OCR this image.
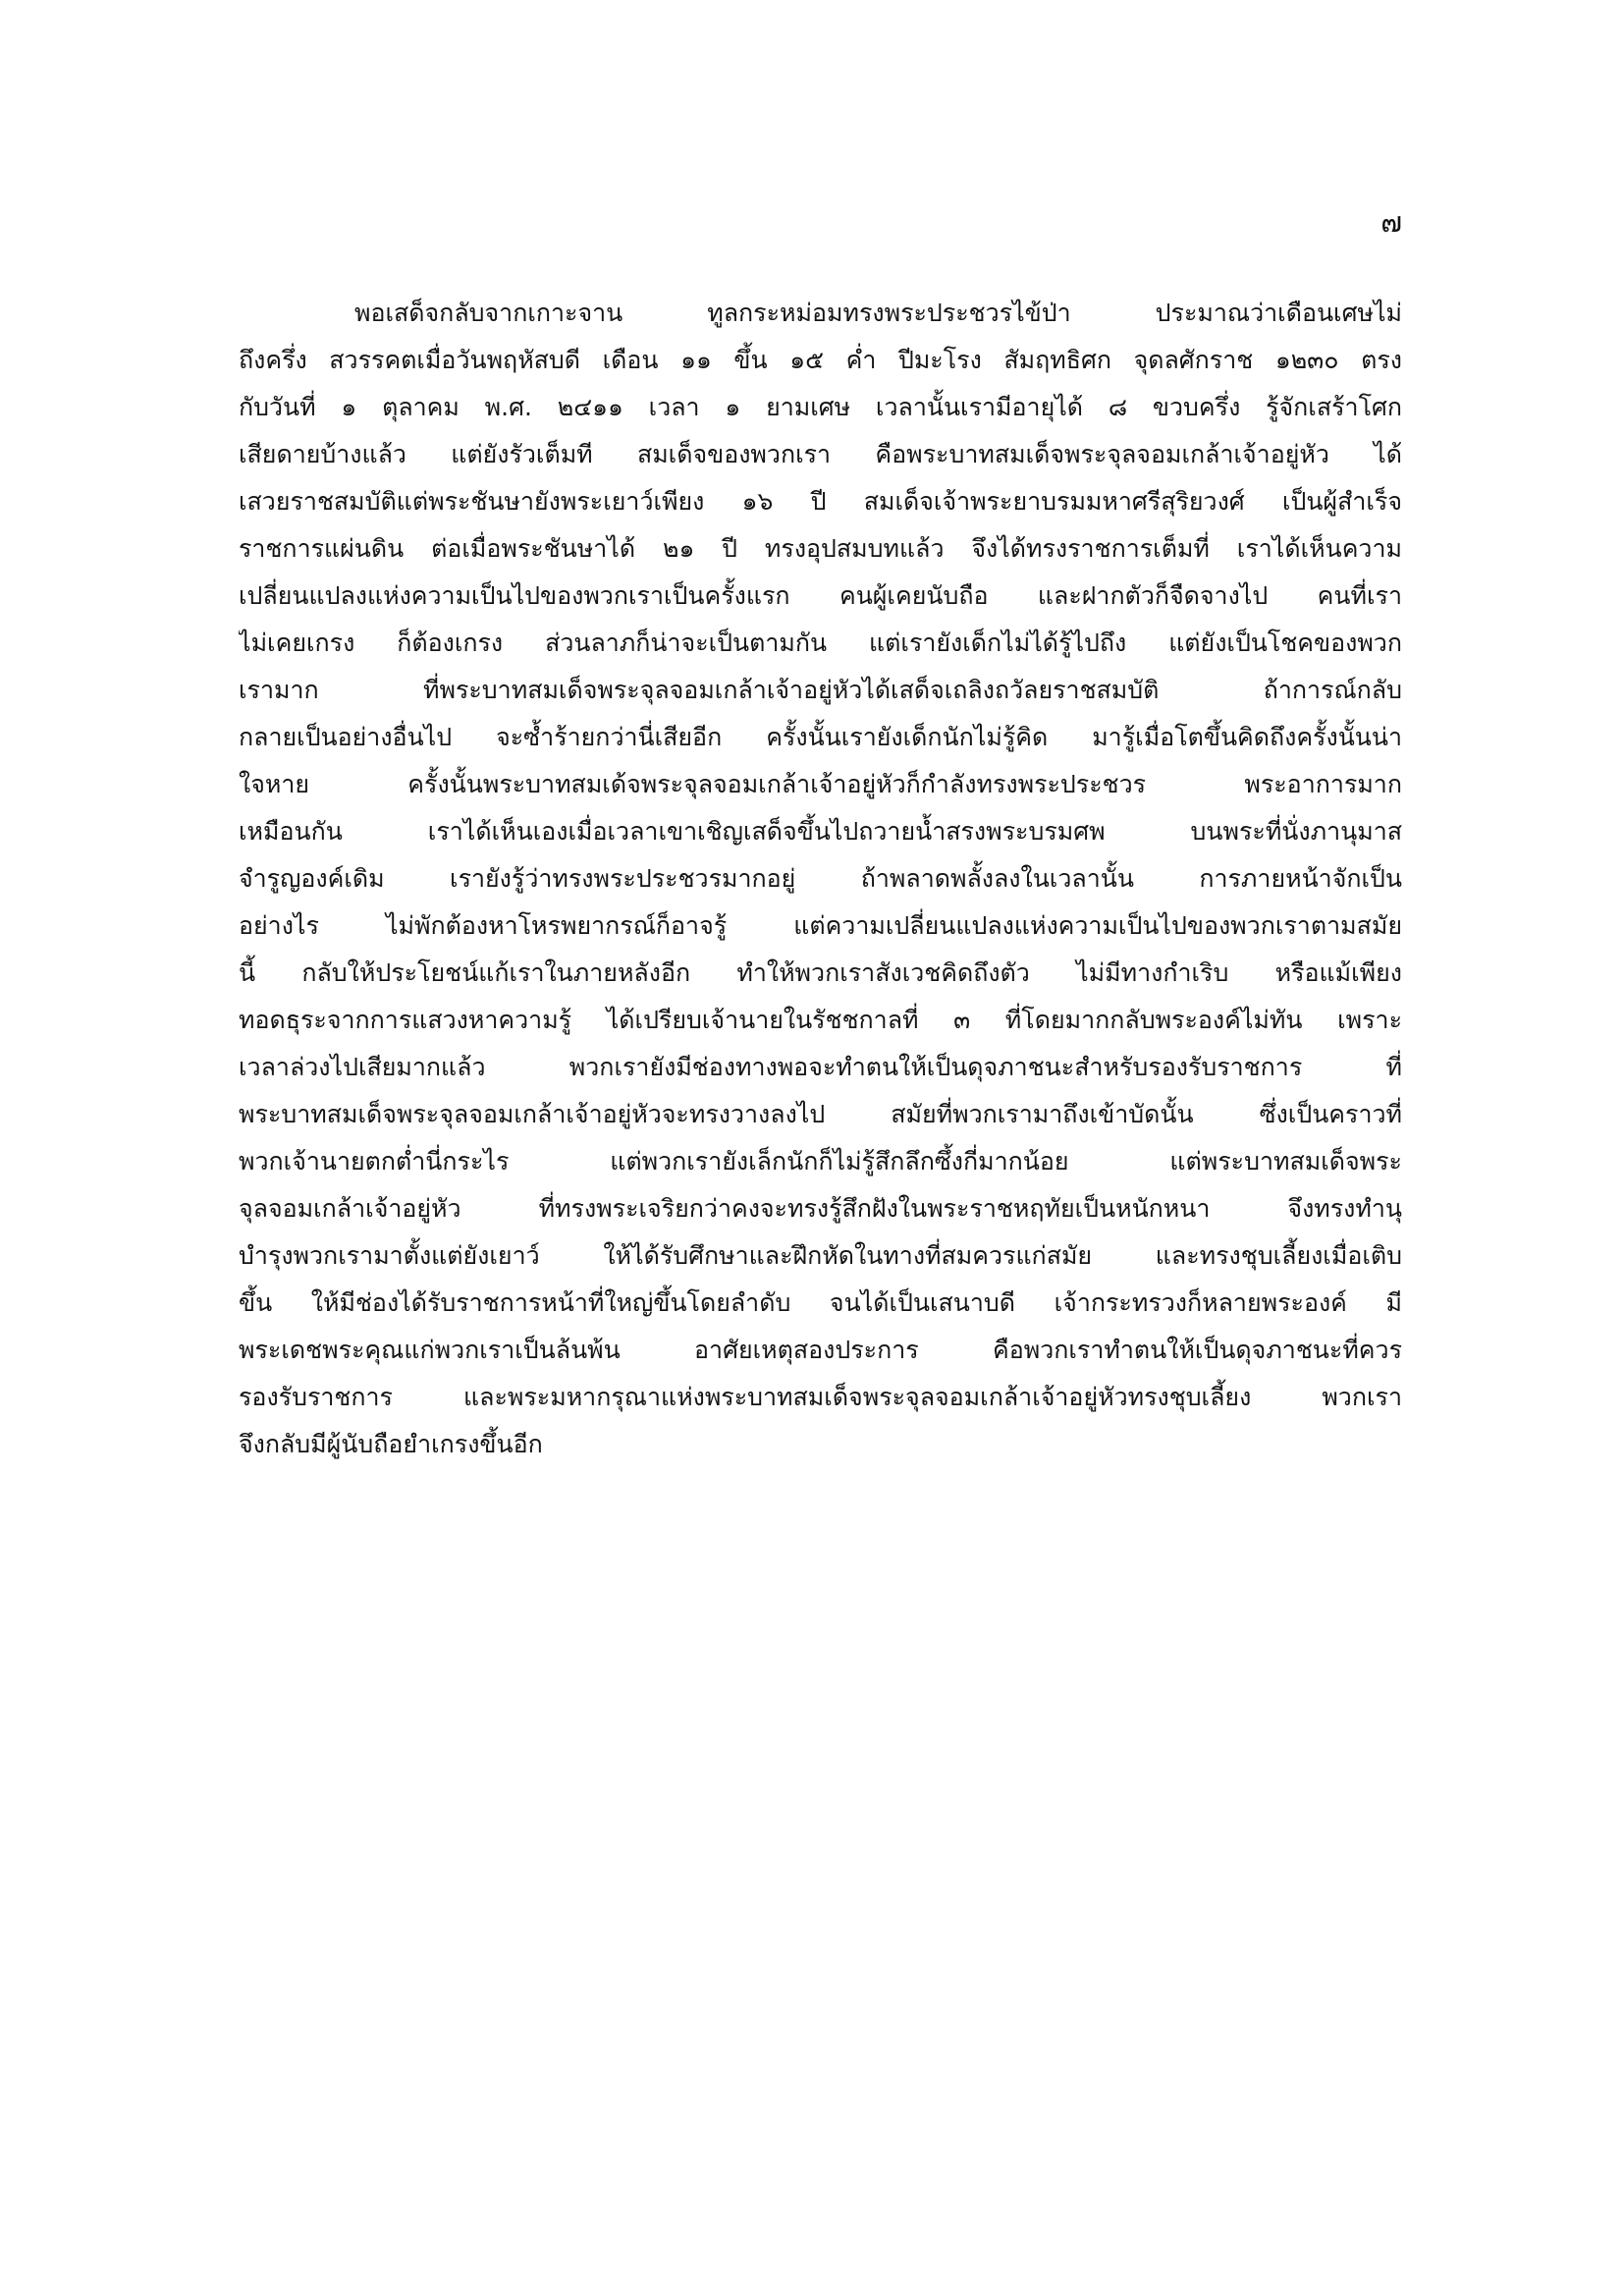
๗
พอเสด็จกลับจากเกาะจาน ทูลกระหม่อมทรงพระประชวรไข้ป่า ประมาณว่าเดือนเศษไม่
ถึงครึ่ง สวรรคตเมื่อวันพฤหัสบดี เดือน ๑๑ ขึ้น ๑๕ ค่ำ ปีมะโรง สัมฤทธิศก จุดลศักราช ๑๒๓๐ ตรง
กับวันที่ ๑ ตุลาคม พ.ศ. ๒๔๑๑ เวลา ๑ ยามเศษ เวลานั้นเรามีอายุได้ ๘ ขวบครึ่ง รู้จักเสร้าโศก
เสียดายบ้างแล้ว แต่ยังรัวเต็มที สมเด็จของพวกเรา คือพระบาทสมเด็จพระจุลจอมเกล้าเจ้าอยู่หัว ได้
เสวยราชสมบัติแต่พระชันษายังพระเยาว์เพียง ๑๖ ปี สมเด็จเจ้าพระยาบรมมหาศรีสุริยวงศ์ เป็นผู้สำเร็จ
ราชการแผ่นดิน ต่อเมื่อพระชันษาได้ ๒๑ ปี ทรงอุปสมบทแล้ว จึงได้ทรงราชการเต็มที่ เราได้เห็นความ
เปลี่ยนแปลงแห่งความเป็นไปของพวกเราเป็นครั้งแรก คนผู้เคยนับถือ และฝากตัวก็จืดจางไป คนที่เรา
ไม่เคยเกรง ก็ต้องเกรง ส่วนลาภก็น่าจะเป็นตามกัน แต่เรายังเด็กไม่ได้รู้ไปถึง แต่ยังเป็นโชคของพวก
เรามาก ที่พระบาทสมเด็จพระจุลจอมเกล้าเจ้าอยู่หัวได้เสด็จเถลิงถวัลยราชสมบัติ ถ้าการณ์กลับ
กลายเป็นอย่างอื่นไป จะซ้ำร้ายกว่านี่เสียอีก ครั้งนั้นเรายังเด็กนักไม่รู้คิด มารู้เมื่อโตขึ้นคิดถึงครั้งนั้นน่า
ใจหาย ครั้งนั้นพระบาทสมเด้จพระจุลจอมเกล้าเจ้าอยู่หัวก็กำลังทรงพระประชวร พระอาการมาก
เหมือนกัน เราได้เห็นเองเมื่อเวลาเขาเชิญเสด็จขึ้นไปถวายน้ำสรงพระบรมศพ บนพระที่นั่งภานุมาส
จำรูญองค์เดิม เรายังรู้ว่าทรงพระประชวรมากอยู่ ถ้าพลาดพลั้งลงในเวลานั้น การภายหน้าจักเป็น
อย่างไร ไม่พักต้องหาโหรพยากรณ์ก็อาจรู้ แต่ความเปลี่ยนแปลงแห่งความเป็นไปของพวกเราตามสมัย
นี้ กลับให้ประโยชน์แก้เราในภายหลังอีก ทำให้พวกเราสังเวชคิดถึงตัว ไม่มีทางกำเริบ หรือแม้เพียง
ทอดธุระจากการแสวงหาความรู้ ได้เปรียบเจ้านายในรัชชกาลที่ ๓ ที่โดยมากกลับพระองค์ไม่ทัน เพราะ
เวลาล่วงไปเสียมากแล้ว พวกเรายังมีช่องทางพอจะทำตนให้เป็นดุจภาชนะสำหรับรองรับราชการ ที่
พระบาทสมเด็จพระจุลจอมเกล้าเจ้าอยู่หัวจะทรงวางลงไป สมัยที่พวกเรามาถึงเข้าบัดนั้น ซึ่งเป็นคราวที่
พวกเจ้านายตกต่ำนี่กระไร แต่พวกเรายังเล็กนักก็ไม่รู้สึกลึกซึ้งกี่มากน้อย แต่พระบาทสมเด็จพระ
จุลจอมเกล้าเจ้าอยู่หัว ที่ทรงพระเจริยกว่าคงจะทรงรู้สึกฝังในพระราชหฤทัยเป็นหนักหนา จึงทรงทำนุ
บำรุงพวกเรามาตั้งแต่ยังเยาว์ ให้ได้รับศึกษาและฝึกหัดในทางที่สมควรแก่สมัย และทรงชุบเลี้ยงเมื่อเติบ
ขึ้น ให้มีช่องได้รับราชการหน้าที่ใหญ่ขึ้นโดยลำดับ จนได้เป็นเสนาบดี เจ้ากระทรวงก็หลายพระองค์ มี
พระเดชพระคุณแก่พวกเราเป็นล้นพ้น อาศัยเหตุสองประการ คือพวกเราทำตนให้เป็นดุจภาชนะที่ควร
รองรับราชการ และพระมหากรุณาแห่งพระบาทสมเด็จพระจุลจอมเกล้าเจ้าอยู่หัวทรงชุบเลี้ยง พวกเรา
จึงกลับมีผู้นับถือยำเกรงขึ้นอีก
